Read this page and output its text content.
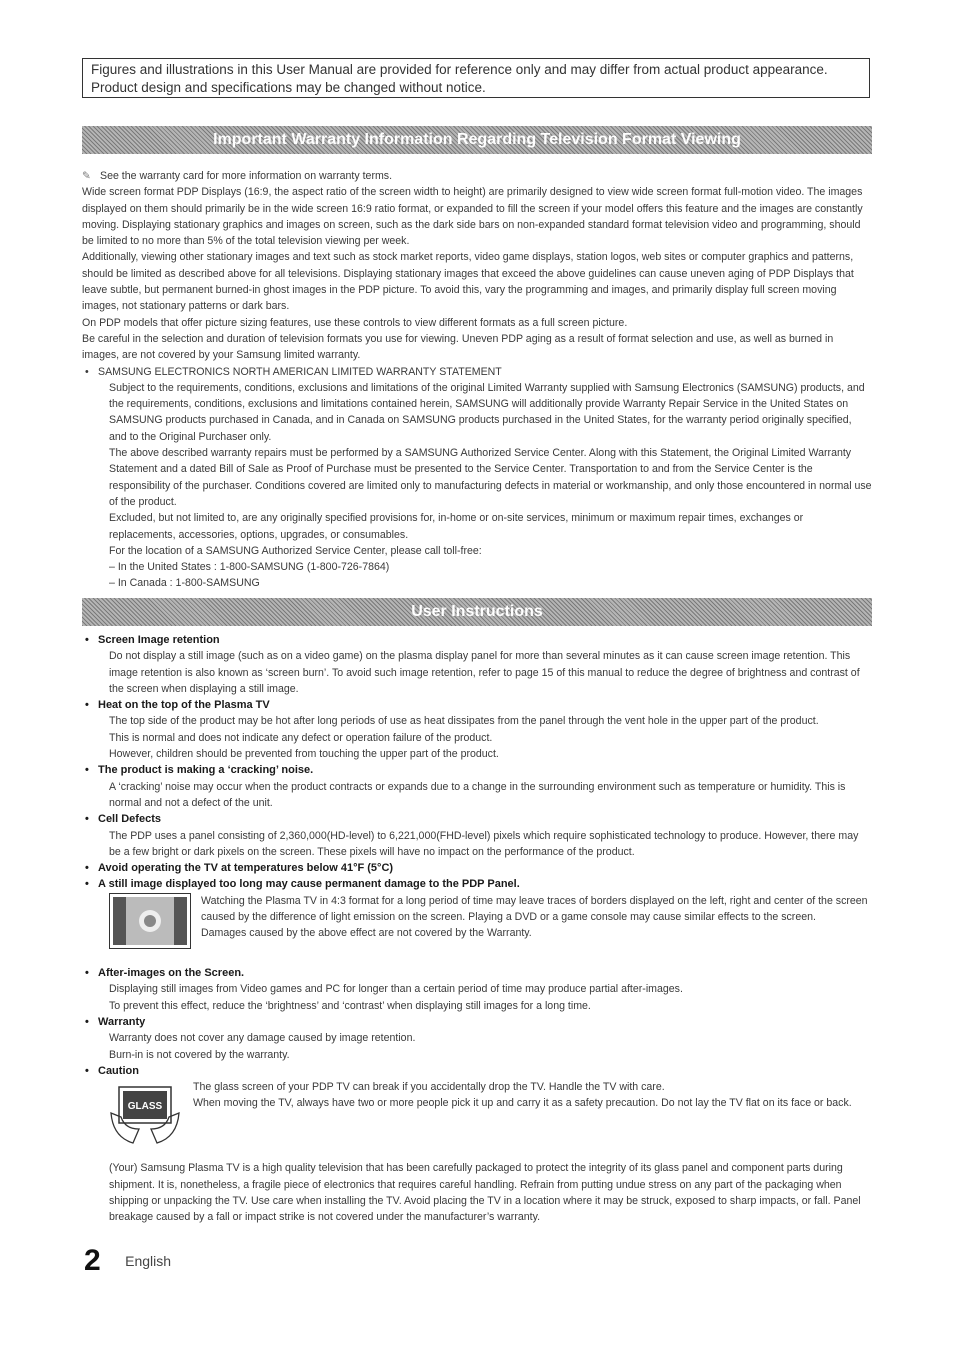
Figures and illustrations in this User Manual are provided for reference only and may differ from actual product appearance.
Product design and specifications may be changed without notice.
Important Warranty Information Regarding Television Format Viewing

✎ See the warranty card for more information on warranty terms.

Wide screen format PDP Displays (16:9, the aspect ratio of the screen width to height) are primarily designed to view wide screen format full-motion video. The images displayed on them should primarily be in the wide screen 16:9 ratio format, or expanded to fill the screen if your model offers this feature and the images are constantly moving. Displaying stationary graphics and images on screen, such as the dark side bars on non-expanded standard format television video and programming, should be limited to no more than 5% of the total television viewing per week.

Additionally, viewing other stationary images and text such as stock market reports, video game displays, station logos, web sites or computer graphics and patterns, should be limited as described above for all televisions. Displaying stationary images that exceed the above guidelines can cause uneven aging of PDP Displays that leave subtle, but permanent burned-in ghost images in the PDP picture. To avoid this, vary the programming and images, and primarily display full screen moving images, not stationary patterns or dark bars.

On PDP models that offer picture sizing features, use these controls to view different formats as a full screen picture.

Be careful in the selection and duration of television formats you use for viewing. Uneven PDP aging as a result of format selection and use, as well as burned in images, are not covered by your Samsung limited warranty.

• SAMSUNG ELECTRONICS NORTH AMERICAN LIMITED WARRANTY STATEMENT

Subject to the requirements, conditions, exclusions and limitations of the original Limited Warranty supplied with Samsung Electronics (SAMSUNG) products, and the requirements, conditions, exclusions and limitations contained herein, SAMSUNG will additionally provide Warranty Repair Service in the United States on SAMSUNG products purchased in Canada, and in Canada on SAMSUNG products purchased in the United States, for the warranty period originally specified, and to the Original Purchaser only.

The above described warranty repairs must be performed by a SAMSUNG Authorized Service Center. Along with this Statement, the Original Limited Warranty Statement and a dated Bill of Sale as Proof of Purchase must be presented to the Service Center. Transportation to and from the Service Center is the responsibility of the purchaser. Conditions covered are limited only to manufacturing defects in material or workmanship, and only those encountered in normal use of the product.

Excluded, but not limited to, are any originally specified provisions for, in-home or on-site services, minimum or maximum repair times, exchanges or replacements, accessories, options, upgrades, or consumables.

For the location of a SAMSUNG Authorized Service Center, please call toll-free:

– In the United States : 1-800-SAMSUNG (1-800-726-7864)

– In Canada : 1-800-SAMSUNG

User Instructions

• Screen Image retention

Do not display a still image (such as on a video game) on the plasma display panel for more than several minutes as it can cause screen image retention. This image retention is also known as ‘screen burn’. To avoid such image retention, refer to page 15 of this manual to reduce the degree of brightness and contrast of the screen when displaying a still image.

• Heat on the top of the Plasma TV

The top side of the product may be hot after long periods of use as heat dissipates from the panel through the vent hole in the upper part of the product.

This is normal and does not indicate any defect or operation failure of the product.

However, children should be prevented from touching the upper part of the product.

• The product is making a ‘cracking’ noise.

A ‘cracking’ noise may occur when the product contracts or expands due to a change in the surrounding environment such as temperature or humidity. This is normal and not a defect of the unit.

• Cell Defects

The PDP uses a panel consisting of 2,360,000(HD-level) to 6,221,000(FHD-level) pixels which require sophisticated technology to produce. However, there may be a few bright or dark pixels on the screen. These pixels will have no impact on the performance of the product.

• Avoid operating the TV at temperatures below 41°F (5°C)

• A still image displayed too long may cause permanent damage to the PDP Panel.

Watching the Plasma TV in 4:3 format for a long period of time may leave traces of borders displayed on the left, right and center of the screen caused by the difference of light emission on the screen. Playing a DVD or a game console may cause similar effects to the screen.

Damages caused by the above effect are not covered by the Warranty.

• After-images on the Screen.

Displaying still images from Video games and PC for longer than a certain period of time may produce partial after-images.

To prevent this effect, reduce the ‘brightness’ and ‘contrast’ when displaying still images for a long time.

• Warranty

Warranty does not cover any damage caused by image retention.

Burn-in is not covered by the warranty.

• Caution

GLASS

The glass screen of your PDP TV can break if you accidentally drop the TV. Handle the TV with care.

When moving the TV, always have two or more people pick it up and carry it as a safety precaution. Do not lay the TV flat on its face or back.

(Your) Samsung Plasma TV is a high quality television that has been carefully packaged to protect the integrity of its glass panel and component parts during shipment. It is, nonetheless, a fragile piece of electronics that requires careful handling. Refrain from putting undue stress on any part of the packaging when shipping or unpacking the TV. Use care when installing the TV. Avoid placing the TV in a location where it may be struck, exposed to sharp impacts, or fall. Panel breakage caused by a fall or impact strike is not covered under the manufacturer’s warranty.

2 English
